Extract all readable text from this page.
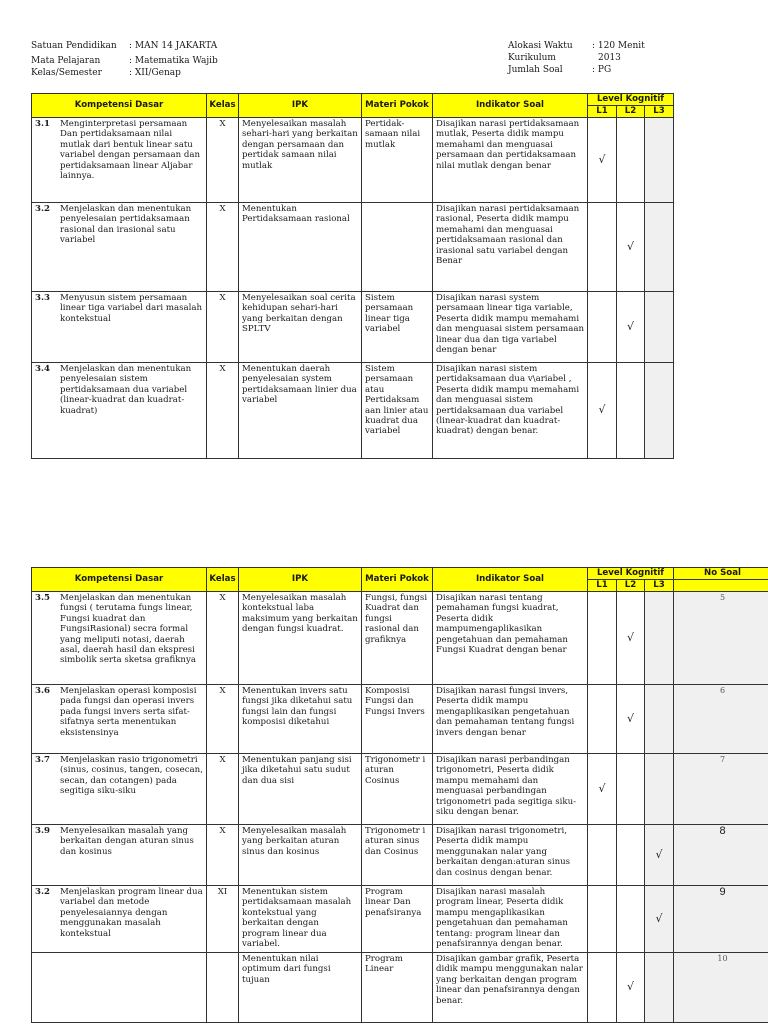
Satuan Pendidikan	: MAN 14 JAKARTA
Mata Pelajaran	: Matematika Wajib
Kelas/Semester	: XII/Genap
Alokasi Waktu	: 120 Menit
Kurikulum	2013
Jumlah Soal	: PG
Kompetensi Dasar	Kelas	IPK	Materi Pokok	Indikator Soal	Level Kognitif		
					L1	L2	L3

3.1 Menginterpretasi persamaan Dan pertidaksamaan nilai mutlak dari bentuk linear satu variabel dengan persamaan dan pertidaksamaan linear Aljabar lainnya.	X	Menyelesaikan masalah sehari-hari yang berkaitan dengan persamaan dan pertidak samaan nilai mutlak	Pertidak-samaan nilai mutlak	Disajikan narasi pertidaksamaan mutlak, Peserta didik mampu memahami dan menguasai persamaan dan pertidaksamaan nilai mutlak dengan benar	√		

3.2 Menjelaskan dan menentukan penyelesaian pertidaksamaan rasional dan irasional satu variabel	X	Menentukan Pertidaksamaan rasional		Disajikan narasi pertidaksamaan rasional, Peserta didik mampu memahami dan menguasai pertidaksamaan rasional dan irasional satu variabel dengan Benar		√	

3.3 Menyusun sistem persamaan linear tiga variabel dari masalah kontekstual	X	Menyelesaikan soal cerita kehidupan sehari-hari yang berkaitan dengan SPLTV	Sistem persamaan linear tiga variabel	Disajikan narasi system persamaan linear tiga variable, Peserta didik mampu memahami dan menguasai sistem persamaan linear dua dan tiga variabel dengan benar		√	

3.4 Menjelaskan dan menentukan penyelesaian sistem pertidaksamaan dua variabel (linear-kuadrat dan kuadrat- kuadrat)	X	Menentukan daerah penyelesaian system pertidaksamaan linier dua variabel	Sistem persamaan atau Pertidaksam aan linier atau kuadrat dua variabel	Disajikan narasi sistem pertidaksamaan dua v\ariabel , Peserta didik mampu memahami dan menguasai sistem pertidaksamaan dua variabel (linear-kuadrat dan kuadrat- kuadrat) dengan benar.	√		
Kompetensi Dasar	Kelas	IPK	Materi Pokok	Indikator Soal	Level Kognitif			No Soal
					L1	L2	L3	

3.5 Menjelaskan dan menentukan fungsi ( terutama fungs linear, Fungsi kuadrat dan FungsiRasional) secra formal yang meliputi notasi, daerah asal, daerah hasil dan ekspresi simbolik serta sketsa grafiknya	X	Menyelesaikan masalah kontekstual laba maksimum yang berkaitan dengan fungsi kuadrat.	Fungsi, fungsi Kuadrat dan fungsi rasional dan grafiknya	Disajikan narasi tentang pemahaman fungsi kuadrat, Peserta didik mampumengaplikasikan pengetahuan dan pemahaman Fungsi Kuadrat dengan benar		√		5

3.6 Menjelaskan operasi komposisi pada fungsi dan operasi invers pada fungsi invers serta sifat-sifatnya serta menentukan eksistensinya	X	Menentukan invers satu fungsi jika diketahui satu fungsi lain dan fungsi komposisi diketahui	Komposisi Fungsi dan Fungsi Invers	Disajikan narasi fungsi invers, Peserta didik mampu mengaplikasikan pengetahuan dan pemahaman tentang fungsi invers dengan benar		√		6

3.7 Menjelaskan rasio trigonometri (sinus, cosinus, tangen, cosecan, secan, dan cotangen) pada segitiga siku-siku	X	Menentukan panjang sisi jika diketahui satu sudut dan dua sisi	Trigonometr i aturan Cosinus	Disajikan narasi perbandingan trigonometri, Peserta didik mampu memahami dan menguasai perbandingan trigonometri pada segitiga siku-siku dengan benar.	√			7

3.9 Menyelesaikan masalah yang berkaitan dengan aturan sinus dan kosinus	X	Menyelesaikan masalah yang berkaitan aturan sinus dan kosinus	Trigonometr i aturan sinus dan Cosinus	Disajikan narasi trigonometri, Peserta didik mampu menggunakan nalar yang berkaitan dengan:aturan sinus dan cosinus dengan benar.			√	8

3.2 Menjelaskan program linear dua variabel dan metode penyelesaiannya dengan menggunakan masalah kontekstual	XI	Menentukan sistem pertidaksamaan masalah kontekstual yang berkaitan dengan program linear dua variabel.	Program linear Dan penafsiranya	Disajikan narasi masalah program linear, Peserta didik mampu mengaplikasikan pengetahuan dan pemahaman tentang: program linear dan penafsirannya dengan benar.			√	9

		Menentukan nilai optimum dari fungsi tujuan	Program Linear	Disajikan gambar grafik, Peserta didik mampu menggunakan nalar yang berkaitan dengan program linear dan penafsirannya dengan benar.		√		10
